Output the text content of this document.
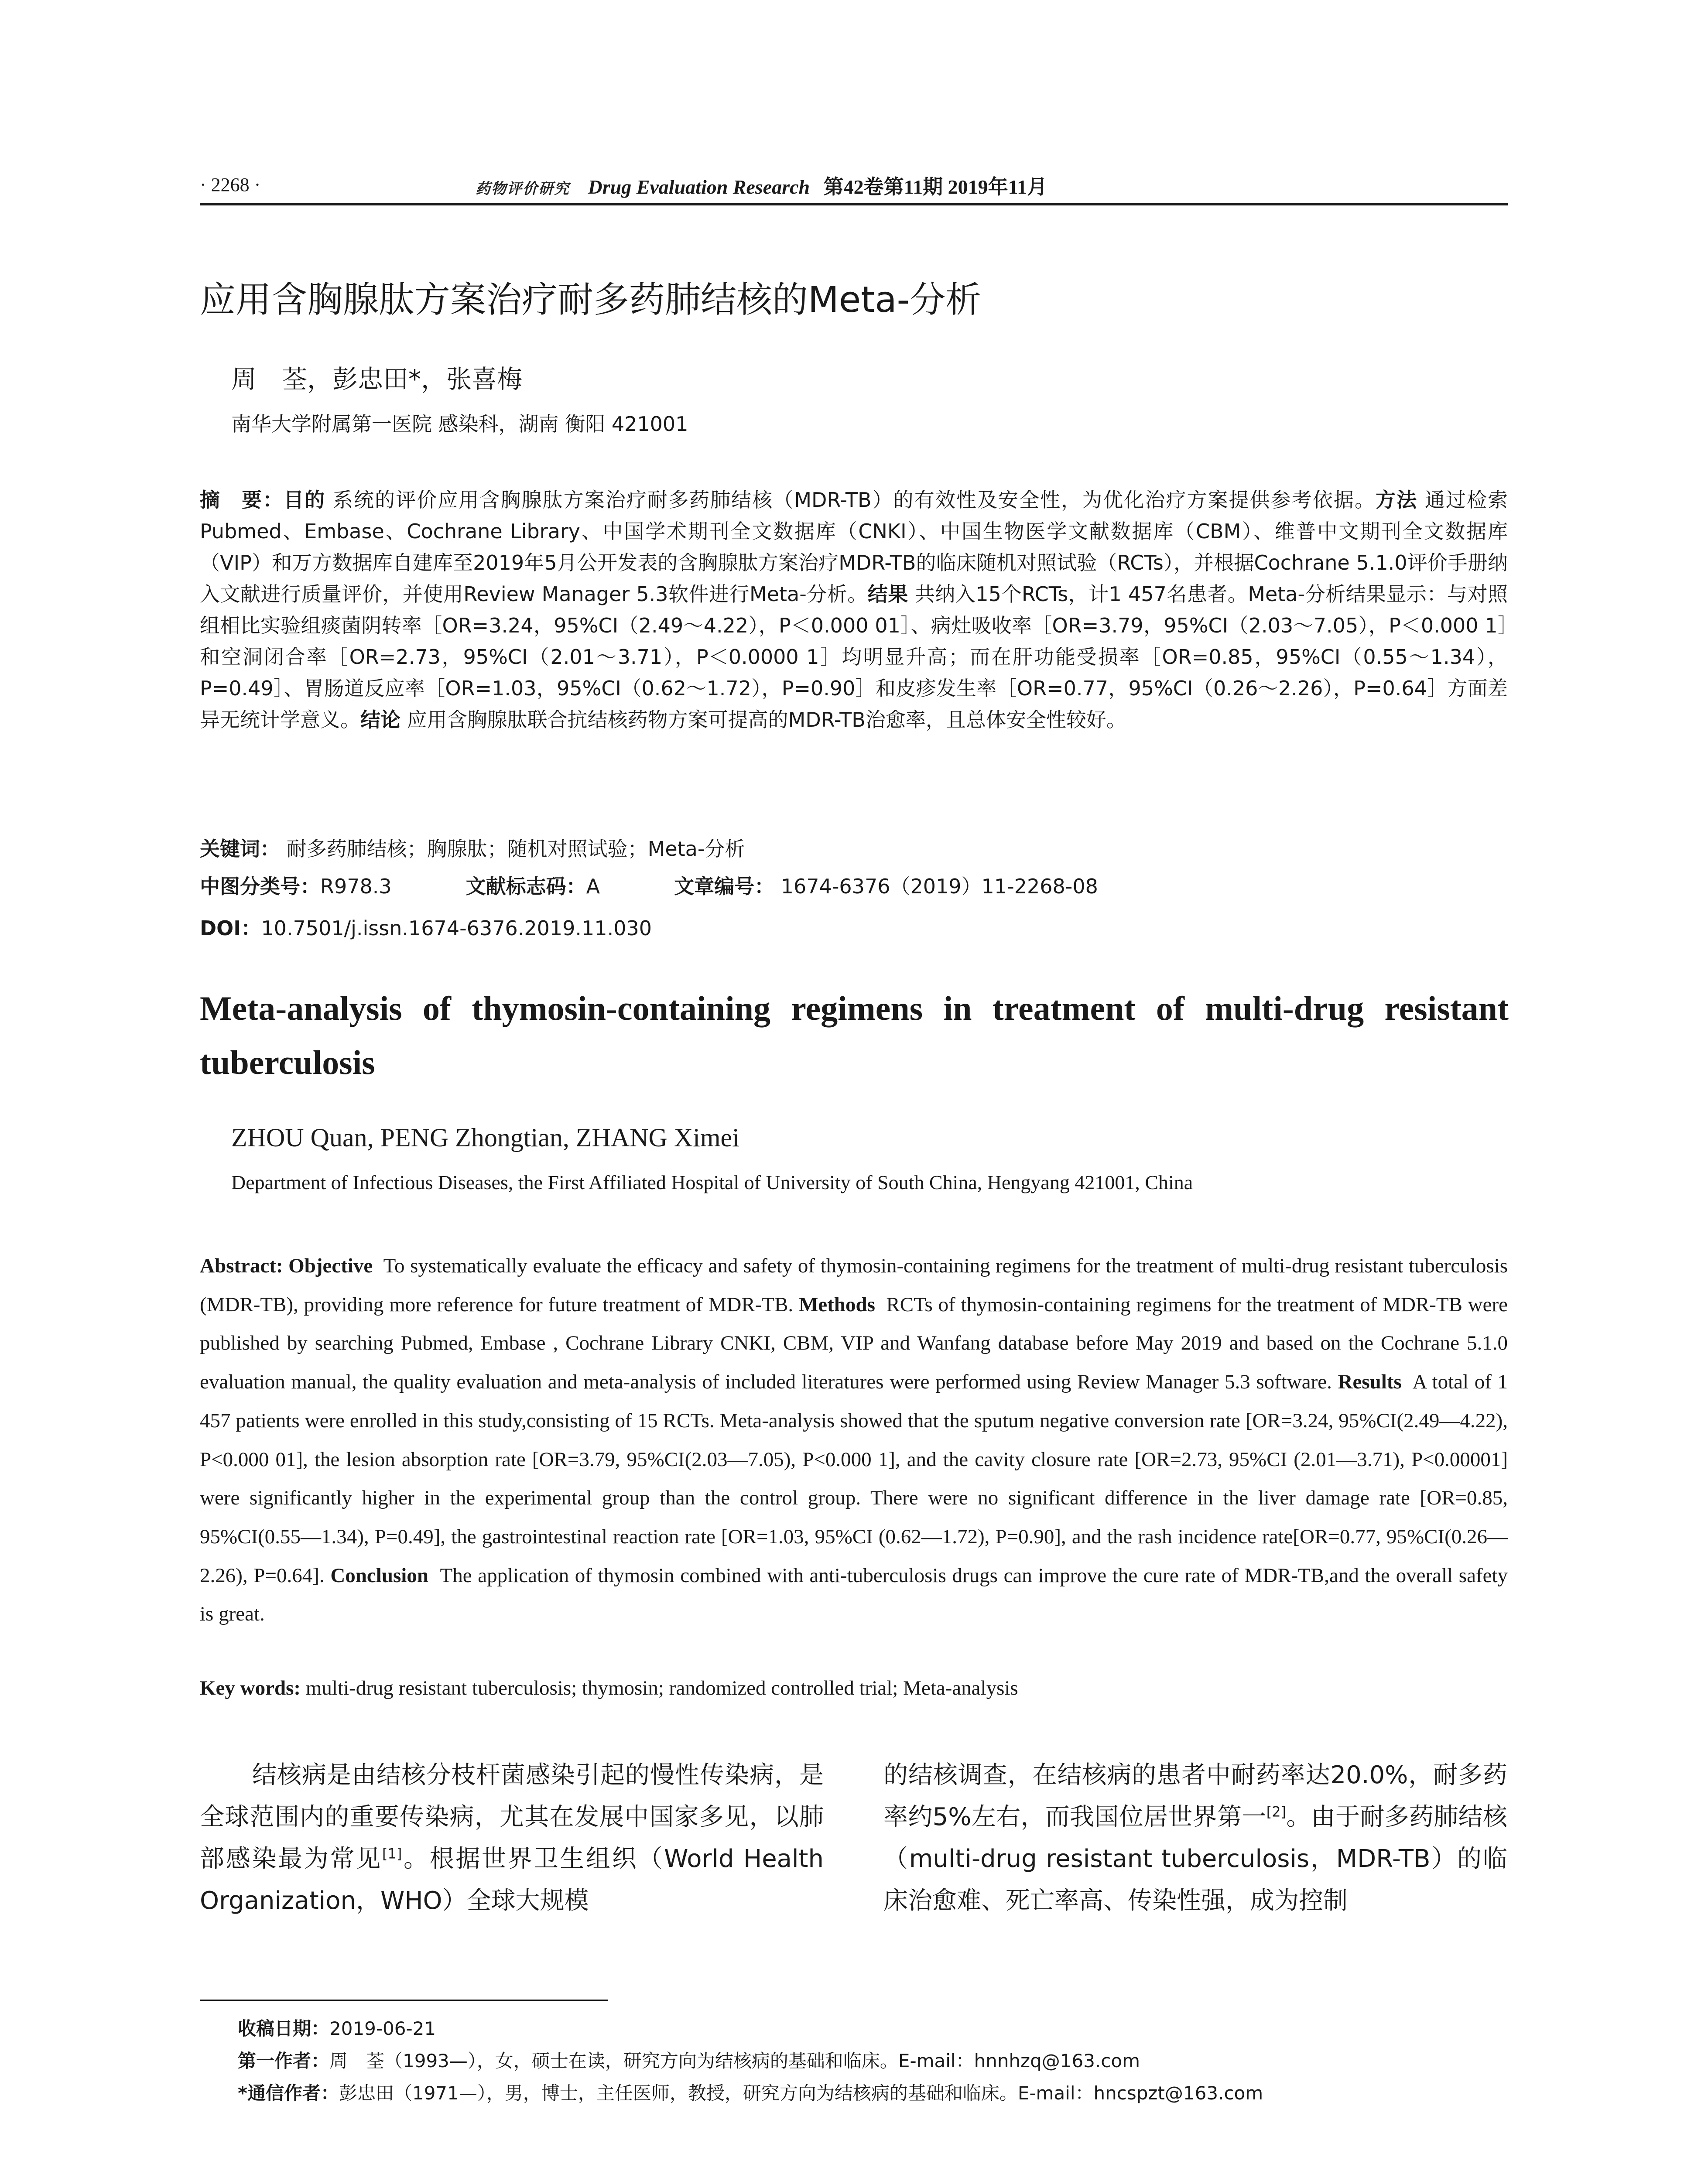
· 2268 ·	药物评价研究 Drug Evaluation Research 第42卷第11期 2019年11月
应用含胸腺肽方案治疗耐多药肺结核的Meta-分析
周　荃，彭忠田*，张喜梅
南华大学附属第一医院 感染科，湖南 衡阳 421001
摘　要：目的 系统的评价应用含胸腺肽方案治疗耐多药肺结核（MDR-TB）的有效性及安全性，为优化治疗方案提供参考依据。方法 通过检索Pubmed、Embase、Cochrane Library、中国学术期刊全文数据库（CNKI）、中国生物医学文献数据库（CBM）、维普中文期刊全文数据库（VIP）和万方数据库自建库至2019年5月公开发表的含胸腺肽方案治疗MDR-TB的临床随机对照试验（RCTs），并根据Cochrane 5.1.0评价手册纳入文献进行质量评价，并使用Review Manager 5.3软件进行Meta-分析。结果 共纳入15个RCTs，计1 457名患者。Meta-分析结果显示：与对照组相比实验组痰菌阴转率［OR=3.24，95%CI（2.49～4.22），P＜0.000 01］、病灶吸收率［OR=3.79，95%CI（2.03～7.05），P＜0.000 1］和空洞闭合率［OR=2.73，95%CI（2.01～3.71），P＜0.0000 1］均明显升高；而在肝功能受损率［OR=0.85，95%CI（0.55～1.34），P=0.49］、胃肠道反应率［OR=1.03，95%CI（0.62～1.72），P=0.90］和皮疹发生率［OR=0.77，95%CI（0.26～2.26），P=0.64］方面差异无统计学意义。结论 应用含胸腺肽联合抗结核药物方案可提高的MDR-TB治愈率，且总体安全性较好。
关键词： 耐多药肺结核；胸腺肽；随机对照试验；Meta-分析
中图分类号：R978.3	文献标志码：A	文章编号： 1674-6376（2019）11-2268-08
DOI：10.7501/j.issn.1674-6376.2019.11.030
Meta-analysis of thymosin-containing regimens in treatment of multi-drug resistant tuberculosis
ZHOU Quan, PENG Zhongtian, ZHANG Ximei
Department of Infectious Diseases, the First Affiliated Hospital of University of South China, Hengyang 421001, China
Abstract: Objective To systematically evaluate the efficacy and safety of thymosin-containing regimens for the treatment of multi-drug resistant tuberculosis (MDR-TB), providing more reference for future treatment of MDR-TB. Methods RCTs of thymosin-containing regimens for the treatment of MDR-TB were published by searching Pubmed, Embase , Cochrane Library CNKI, CBM, VIP and Wanfang database before May 2019 and based on the Cochrane 5.1.0 evaluation manual, the quality evaluation and meta-analysis of included literatures were performed using Review Manager 5.3 software. Results A total of 1 457 patients were enrolled in this study,consisting of 15 RCTs. Meta-analysis showed that the sputum negative conversion rate [OR=3.24, 95%CI(2.49—4.22), P<0.000 01], the lesion absorption rate [OR=3.79, 95%CI(2.03—7.05), P<0.000 1], and the cavity closure rate [OR=2.73, 95%CI (2.01—3.71), P<0.00001] were significantly higher in the experimental group than the control group. There were no significant difference in the liver damage rate [OR=0.85, 95%CI(0.55—1.34), P=0.49], the gastrointestinal reaction rate [OR=1.03, 95%CI (0.62—1.72), P=0.90], and the rash incidence rate[OR=0.77, 95%CI(0.26—2.26), P=0.64]. Conclusion The application of thymosin combined with anti-tuberculosis drugs can improve the cure rate of MDR-TB,and the overall safety is great.
Key words: multi-drug resistant tuberculosis; thymosin; randomized controlled trial; Meta-analysis
结核病是由结核分枝杆菌感染引起的慢性传染病，是全球范围内的重要传染病，尤其在发展中国家多见，以肺部感染最为常见[1]。根据世界卫生组织（World Health Organization，WHO）全球大规模
的结核调查，在结核病的患者中耐药率达20.0%，耐多药率约5%左右，而我国位居世界第一[2]。由于耐多药肺结核（multi-drug resistant tuberculosis，MDR-TB）的临床治愈难、死亡率高、传染性强，成为控制
收稿日期：2019-06-21
第一作者：周　荃（1993—），女，硕士在读，研究方向为结核病的基础和临床。E-mail：hnnhzq@163.com
*通信作者：彭忠田（1971—），男，博士，主任医师，教授，研究方向为结核病的基础和临床。E-mail：hncspzt@163.com
